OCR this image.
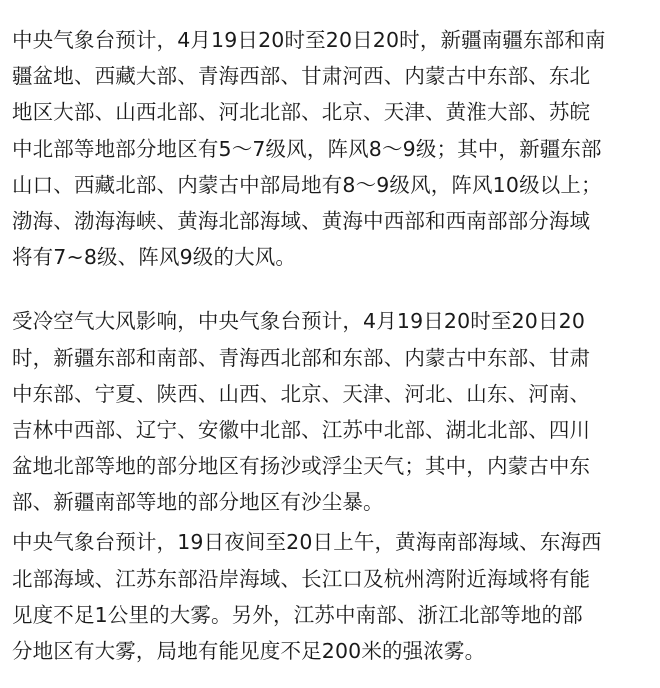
中央气象台预计，4月19日20时至20日20时，新疆南疆东部和南
疆盆地、西藏大部、青海西部、甘肃河西、内蒙古中东部、东北
地区大部、山西北部、河北北部、北京、天津、黄淮大部、苏皖
中北部等地部分地区有5～7级风，阵风8～9级；其中，新疆东部
山口、西藏北部、内蒙古中部局地有8～9级风，阵风10级以上；
渤海、渤海海峡、黄海北部海域、黄海中西部和西南部部分海域
将有7~8级、阵风9级的大风。
受冷空气大风影响，中央气象台预计，4月19日20时至20日20
时，新疆东部和南部、青海西北部和东部、内蒙古中东部、甘肃
中东部、宁夏、陕西、山西、北京、天津、河北、山东、河南、
吉林中西部、辽宁、安徽中北部、江苏中北部、湖北北部、四川
盆地北部等地的部分地区有扬沙或浮尘天气；其中，内蒙古中东
部、新疆南部等地的部分地区有沙尘暴。
中央气象台预计，19日夜间至20日上午，黄海南部海域、东海西
北部海域、江苏东部沿岸海域、长江口及杭州湾附近海域将有能
见度不足1公里的大雾。另外，江苏中南部、浙江北部等地的部
分地区有大雾，局地有能见度不足200米的强浓雾。
